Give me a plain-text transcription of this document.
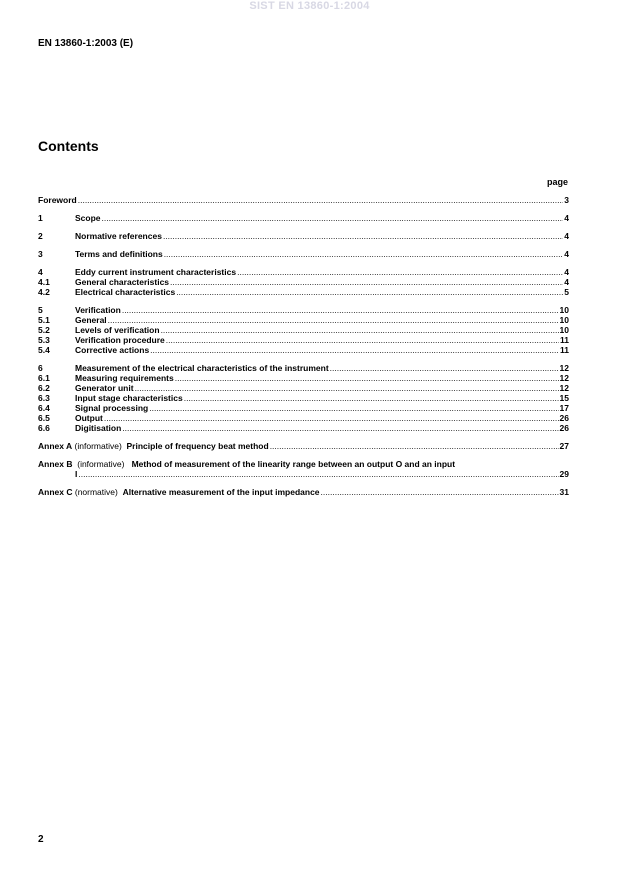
SIST EN 13860-1:2004
EN 13860-1:2003 (E)
Contents
page
Foreword .....	3
1	Scope .....	4
2	Normative references .....	4
3	Terms and definitions .....	4
4	Eddy current instrument characteristics .....	4
4.1	General characteristics .....	4
4.2	Electrical characteristics .....	5
5	Verification .....	10
5.1	General .....	10
5.2	Levels of verification .....	10
5.3	Verification procedure .....	11
5.4	Corrective actions .....	11
6	Measurement of the electrical characteristics of the instrument .....	12
6.1	Measuring requirements .....	12
6.2	Generator unit .....	12
6.3	Input stage characteristics .....	15
6.4	Signal processing .....	17
6.5	Output .....	26
6.6	Digitisation .....	26
Annex A (informative) Principle of frequency beat method .....	27
Annex B (informative) Method of measurement of the linearity range between an output O and an input
I .....	29
Annex C (normative) Alternative measurement of the input impedance .....	31
2
